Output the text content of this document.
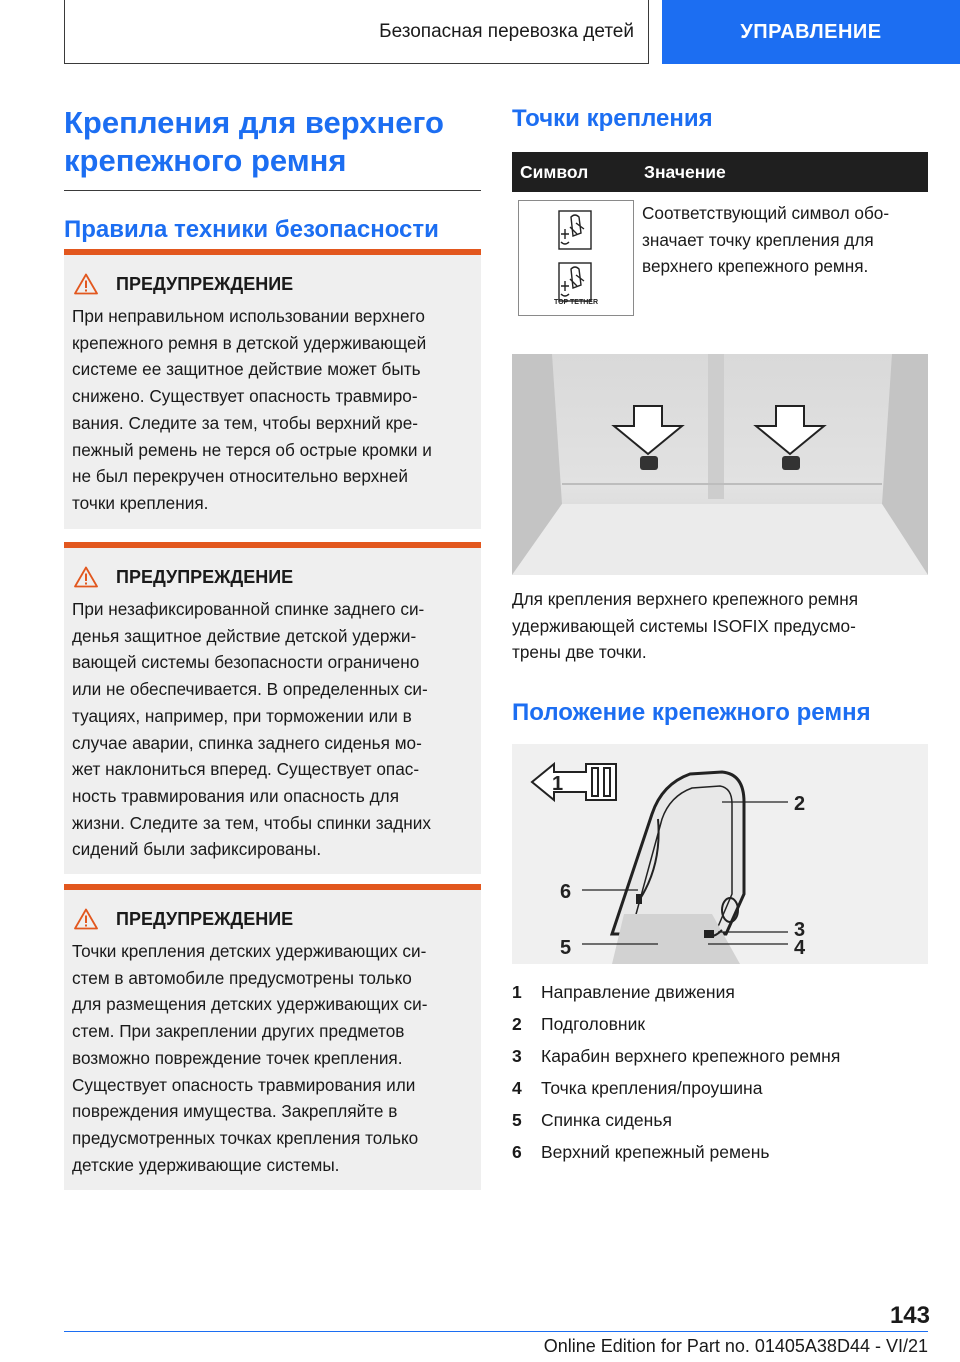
Безопасная перевозка детей	УПРАВЛЕНИЕ
Крепления для верхнего
крепежного ремня
Правила техники безопасности
ПРЕДУПРЕЖДЕНИЕ

При неправильном использовании верхнего
крепежного ремня в детской удерживающей
системе ее защитное действие может быть
снижено. Существует опасность травмиро-
вания. Следите за тем, чтобы верхний кре-
пежный ремень не терся об острые кромки и
не был перекручен относительно верхней
точки крепления.

ПРЕДУПРЕЖДЕНИЕ

При незафиксированной спинке заднего си-
денья защитное действие детской удержи-
вающей системы безопасности ограничено
или не обеспечивается. В определенных си-
туациях, например, при торможении или в
случае аварии, спинка заднего сиденья мо-
жет наклониться вперед. Существует опас-
ность травмирования или опасность для
жизни. Следите за тем, чтобы спинки задних
сидений были зафиксированы.

ПРЕДУПРЕЖДЕНИЕ

Точки крепления детских удерживающих си-
стем в автомобиле предусмотрены только
для размещения детских удерживающих си-
стем. При закреплении других предметов
возможно повреждение точек крепления.
Существует опасность травмирования или
повреждения имущества. Закрепляйте в
предусмотренных точках крепления только
детские удерживающие системы.

Точки крепления
Символ	Значение
TOP TETHER
Соответствующий символ обо-
значает точку крепления для
верхнего крепежного ремня.

Для крепления верхнего крепежного ремня
удерживающей системы ISOFIX предусмо-
трены две точки.

Положение крепежного ремня
1
2
3
4
5
6
1	Направление движения
2	Подголовник
3	Карабин верхнего крепежного ремня
4	Точка крепления/проушина
5	Спинка сиденья
6	Верхний крепежный ремень
143
Online Edition for Part no. 01405A38D44 - VI/21
